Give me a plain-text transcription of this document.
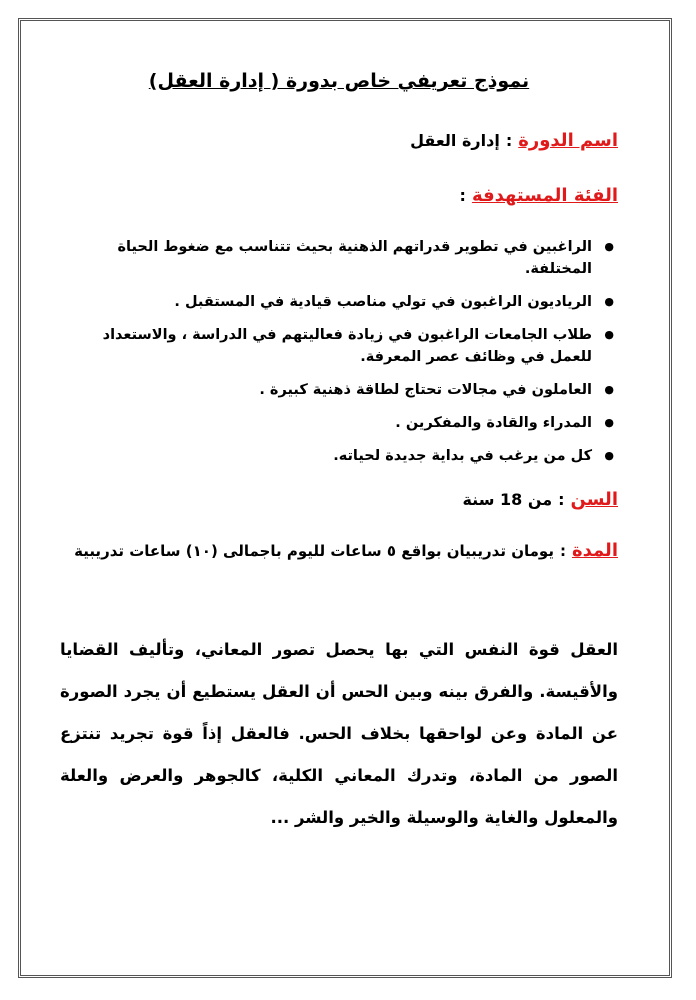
نموذج تعريفي خاص بدورة ( إدارة العقل)

اسم الدورة:إدارة العقل

الفئة المستهدفة:

● الراغبين في تطوير قدراتهم الذهنية بحيث تتناسب مع ضغوط الحياة المختلفة.
● الرياديون الراغبون في تولي مناصب قيادية في المستقبل .
● طلاب الجامعات الراغبون في زيادة فعاليتهم في الدراسة ، والاستعداد للعمل في وظائف عصر المعرفة.
● العاملون في مجالات تحتاج لطاقة ذهنية كبيرة .
● المدراء والقادة والمفكرين .
● كل من يرغب في بداية جديدة لحياته.

السن:من 18 سنة

المدة:يومان تدريبيان بواقع ٥ ساعات لليوم باجمالى (١٠) ساعات تدريبية

العقل قوة النفس التي بها يحصل تصور المعاني، وتأليف القضايا والأقيسة. والفرق بينه وبين الحس أن العقل يستطيع أن يجرد الصورة عن المادة وعن لواحقها بخلاف الحس. فالعقل إذاً قوة تجريد تنتزع الصور من المادة، وتدرك المعاني الكلية، كالجوهر والعرض والعلة والمعلول والغاية والوسيلة والخير والشر ...
